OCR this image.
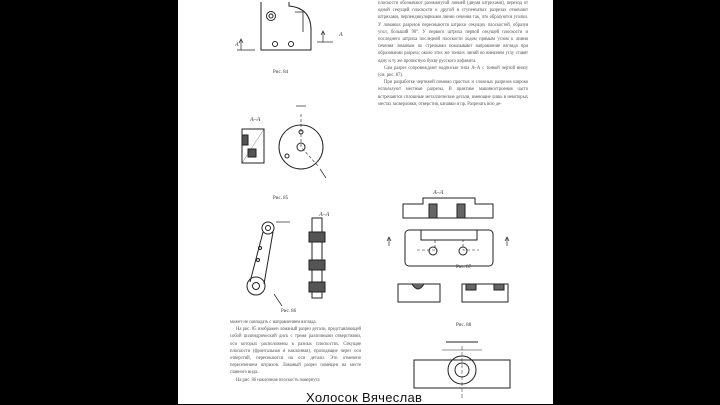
А
А
Рис. 84
А–А
Рис. 85
А–А
Рис. 86

может не совпадать с направлением взгляда.

На рис. 85 изображен ломаный разрез детали, представляющей собой цилиндрический диск с тремя различными отверстиями, оси которых расположены в разных плоскостях. Секущие плоскости (фронтальная и наклонная), проходящие через оси отверстий, пересекаются на оси детали. Это отмечено пересечением штрихов. Ломаный разрез помещен на месте главного вида.

На рис. 86 наклонная плоскость повернута

плоскости обозначают разомкнутой линией (двумя штрихами), переход от одной секущей плоскости к другой в ступенчатых разрезах отмечают штрихами, перпендикулярными линии сечения так, что образуются уголки. У ломаных разрезов пересекаются штрихи секущих плоскостей, образуя угол, больший 90°. У первого штриха первой секущей плоскости и последнего штриха последней плоскости ходом прямым углом к линии сечения ломаным по стрелками показывают направление взгляда при образовании разреза; около этих же тонких линий во внешнем углу ставят одну и ту же прописную букву русского алфавита.

Сам разрез сопровождают надписью типа А–А с тонкой чертой внизу (см. рис. 87).

При разработке чертежей помимо простых и сложных разрезов широко используют местные разрезы. В практике машиностроения часто встречаются сплошные металлические детали, имеющие лишь в некоторых местах засверловки, отверстия, канавки и пр. Разрезать всю де-

А–А
Рис. 87
Рис. 88
Холосок Вячеслав
